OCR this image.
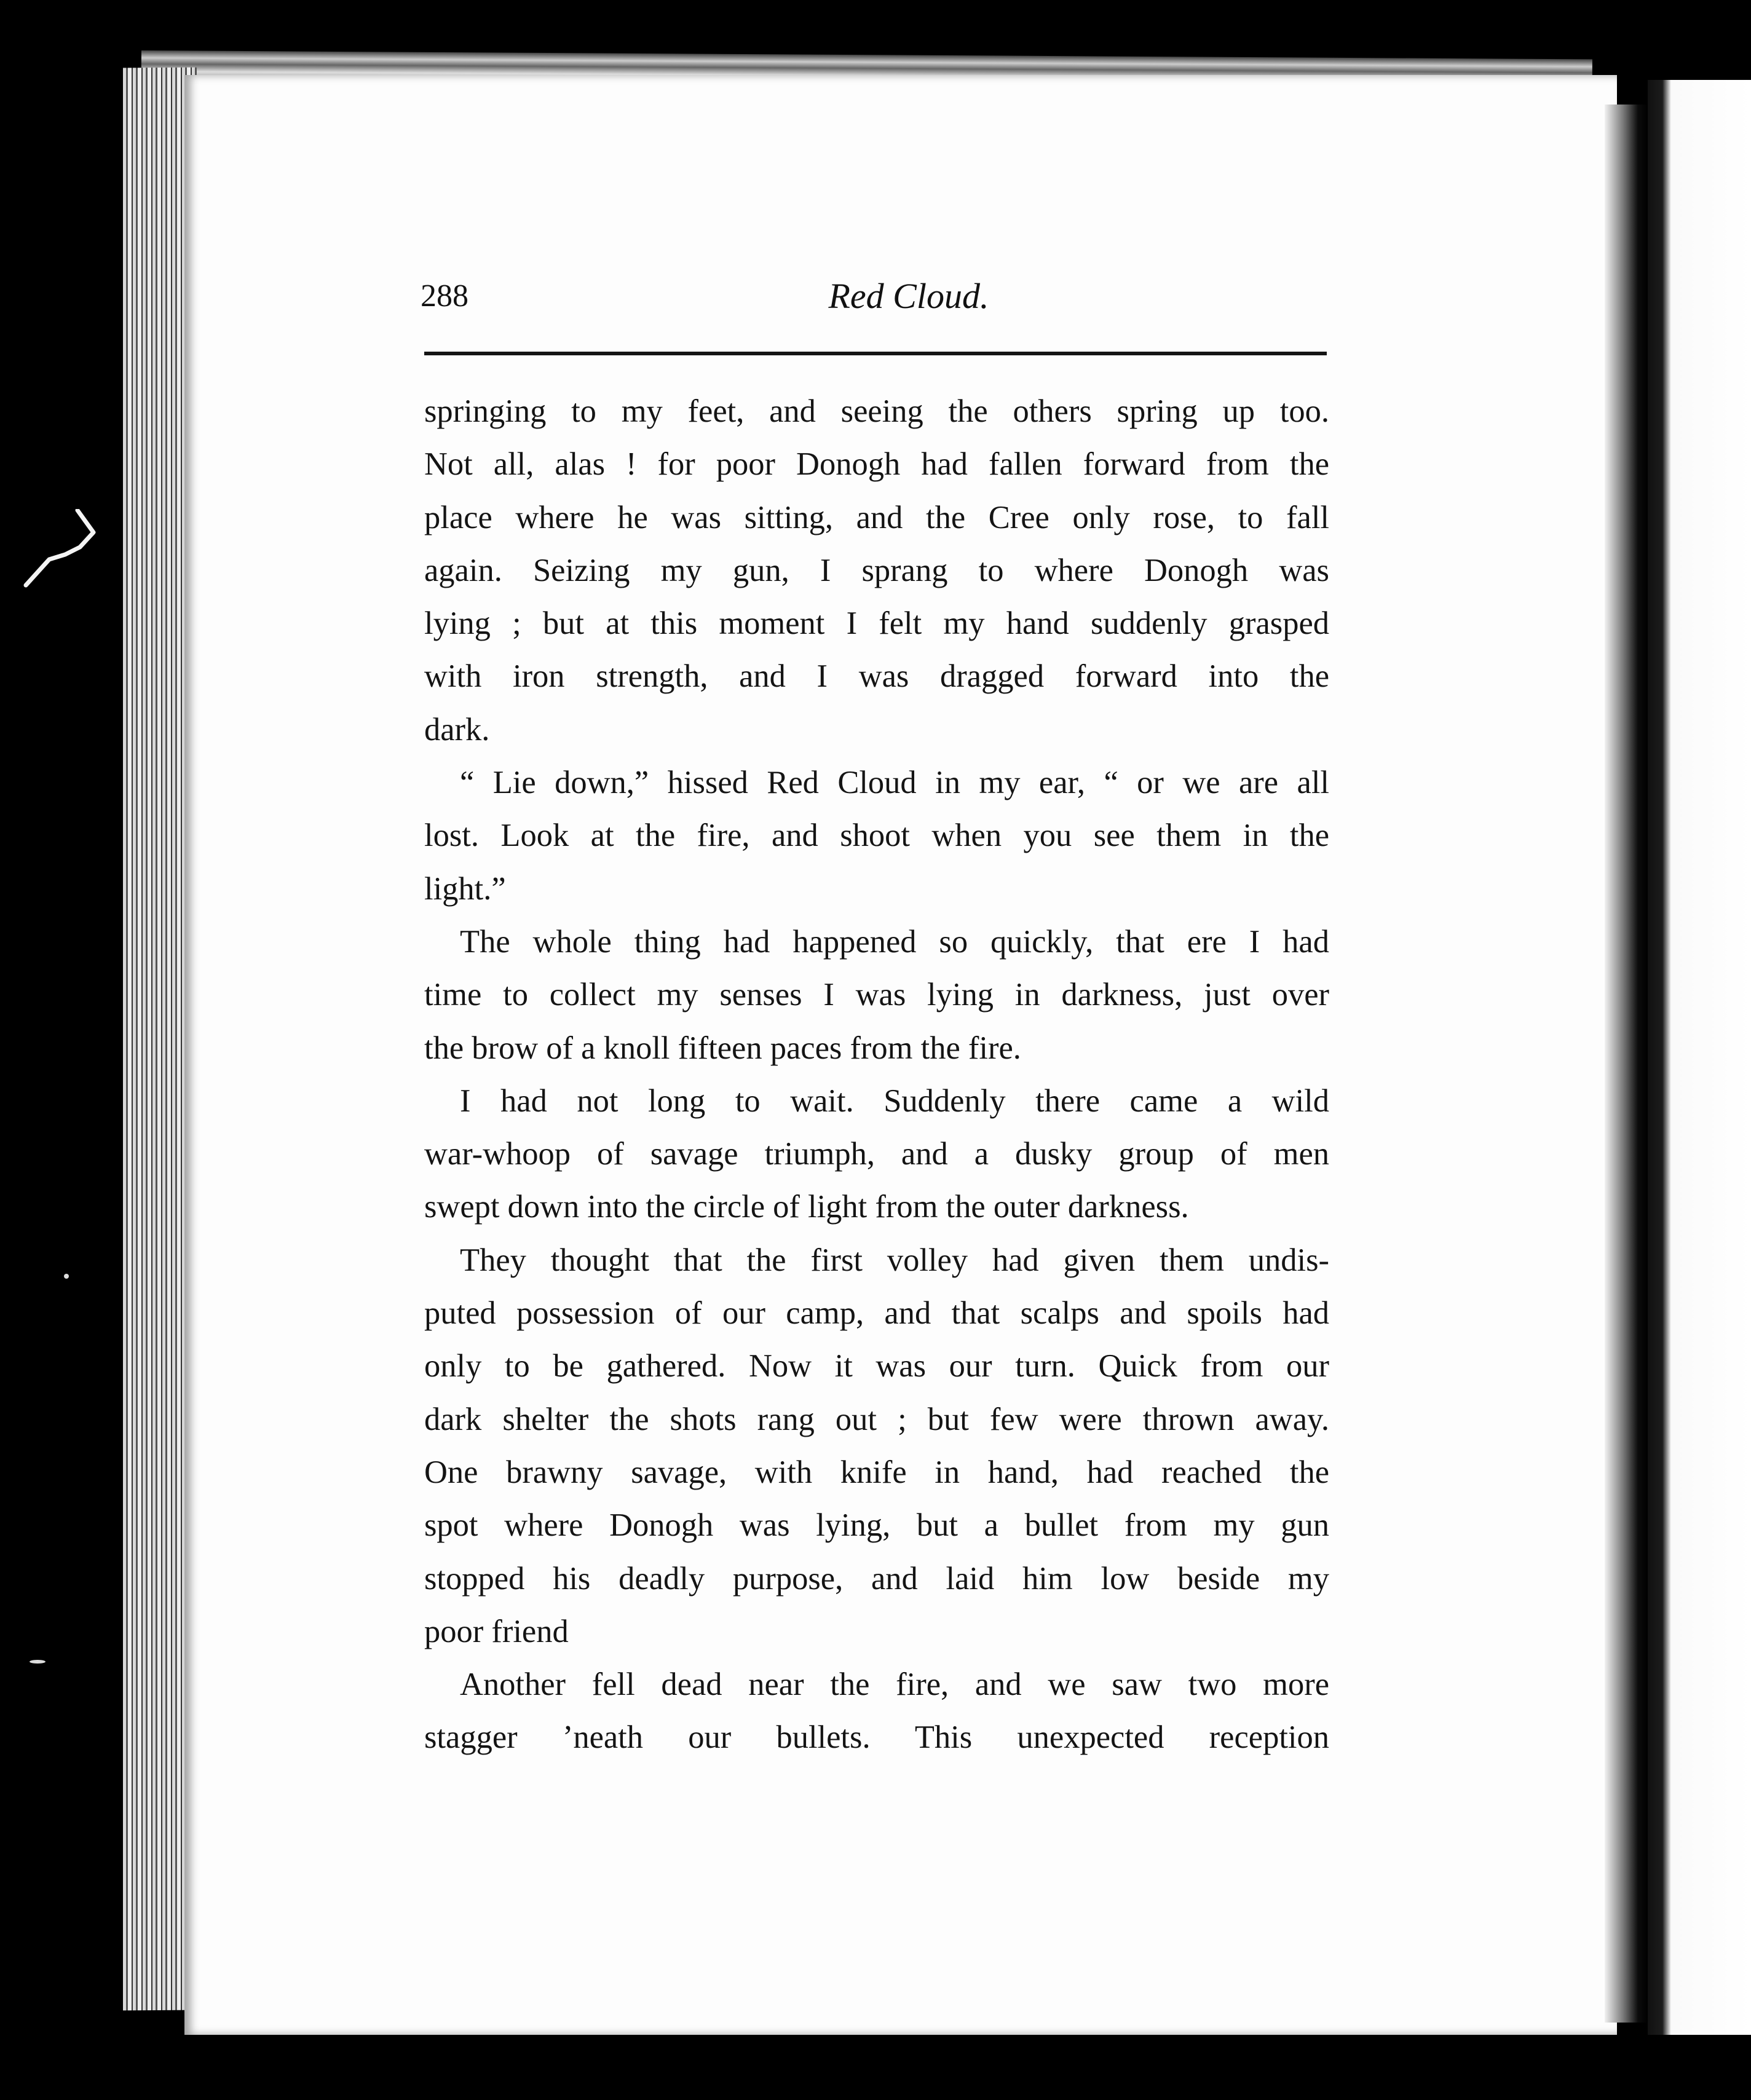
288	Red Cloud.
springing to my feet, and seeing the others spring up too.
Not all, alas ! for poor Donogh had fallen forward from the
place where he was sitting, and the Cree only rose, to fall
again. Seizing my gun, I sprang to where Donogh was
lying ; but at this moment I felt my hand suddenly grasped
with iron strength, and I was dragged forward into the
dark.
“ Lie down,” hissed Red Cloud in my ear, “ or we are all
lost. Look at the fire, and shoot when you see them in the
light.”
The whole thing had happened so quickly, that ere I had
time to collect my senses I was lying in darkness, just over
the brow of a knoll fifteen paces from the fire.
I had not long to wait. Suddenly there came a wild
war-whoop of savage triumph, and a dusky group of men
swept down into the circle of light from the outer darkness.
They thought that the first volley had given them undis-
puted possession of our camp, and that scalps and spoils had
only to be gathered. Now it was our turn. Quick from our
dark shelter the shots rang out ; but few were thrown away.
One brawny savage, with knife in hand, had reached the
spot where Donogh was lying, but a bullet from my gun
stopped his deadly purpose, and laid him low beside my
poor friend
Another fell dead near the fire, and we saw two more
stagger ’neath our bullets. This unexpected reception
